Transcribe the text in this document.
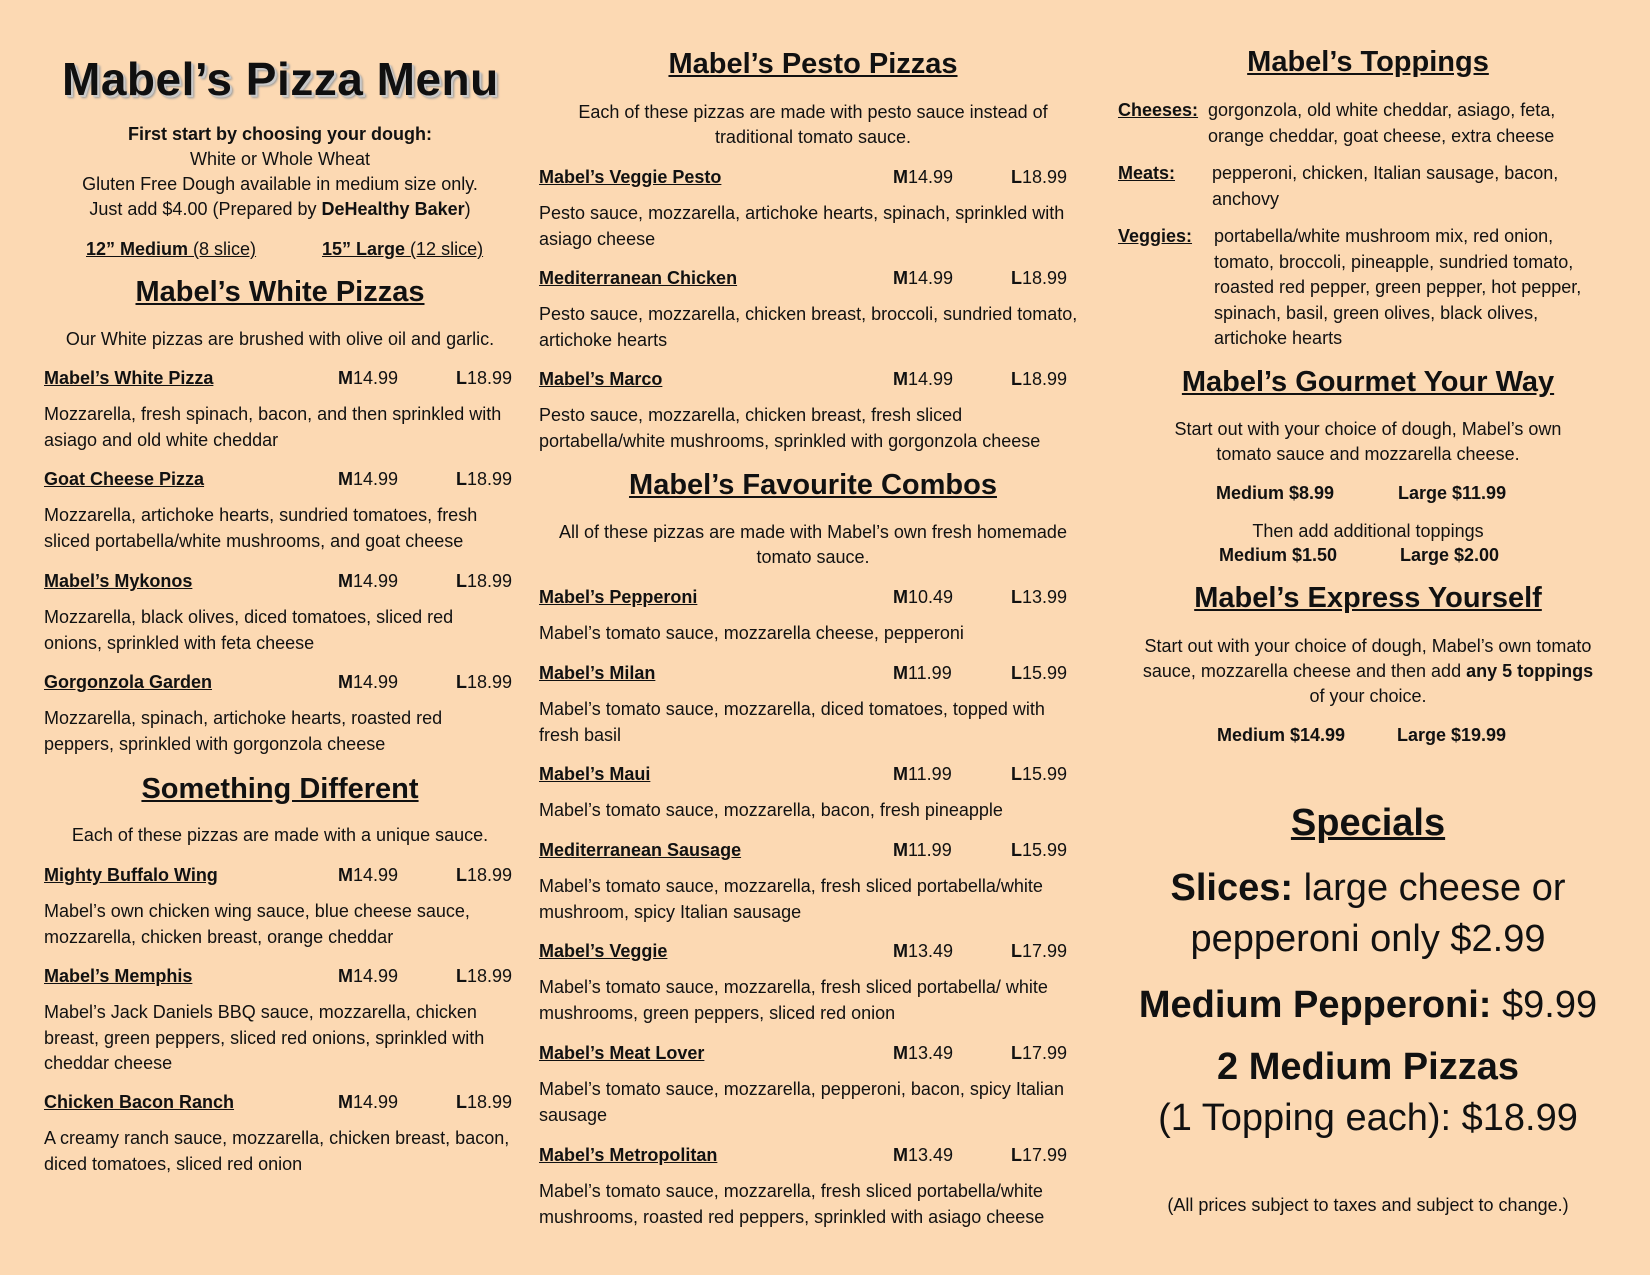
Mabel’s Pizza Menu
First start by choosing your dough:
White or Whole Wheat
Gluten Free Dough available in medium size only.
Just add $4.00 (Prepared by DeHealthy Baker)
12” Medium (8 slice)	15” Large (12 slice)
Mabel’s White Pizzas
Our White pizzas are brushed with olive oil and garlic.
Mabel’s White Pizza	M14.99	L18.99
Mozzarella, fresh spinach, bacon, and then sprinkled with asiago and old white cheddar
Goat Cheese Pizza	M14.99	L18.99
Mozzarella, artichoke hearts, sundried tomatoes, fresh sliced portabella/white mushrooms, and goat cheese
Mabel’s Mykonos	M14.99	L18.99
Mozzarella, black olives, diced tomatoes, sliced red onions, sprinkled with feta cheese
Gorgonzola Garden	M14.99	L18.99
Mozzarella, spinach, artichoke hearts, roasted red peppers, sprinkled with gorgonzola cheese
Something Different
Each of these pizzas are made with a unique sauce.
Mighty Buffalo Wing	M14.99	L18.99
Mabel’s own chicken wing sauce, blue cheese sauce, mozzarella, chicken breast, orange cheddar
Mabel’s Memphis	M14.99	L18.99
Mabel’s Jack Daniels BBQ sauce, mozzarella, chicken breast, green peppers, sliced red onions, sprinkled with cheddar cheese
Chicken Bacon Ranch	M14.99	L18.99
A creamy ranch sauce, mozzarella, chicken breast, bacon, diced tomatoes, sliced red onion
Mabel’s Pesto Pizzas
Each of these pizzas are made with pesto sauce instead of traditional tomato sauce.
Mabel’s Veggie Pesto	M14.99	L18.99
Pesto sauce, mozzarella, artichoke hearts, spinach, sprinkled with asiago cheese
Mediterranean Chicken	M14.99	L18.99
Pesto sauce, mozzarella, chicken breast, broccoli, sundried tomato, artichoke hearts
Mabel’s Marco	M14.99	L18.99
Pesto sauce, mozzarella, chicken breast, fresh sliced portabella/white mushrooms, sprinkled with gorgonzola cheese
Mabel’s Favourite Combos
All of these pizzas are made with Mabel’s own fresh homemade tomato sauce.
Mabel’s Pepperoni	M10.49	L13.99
Mabel’s tomato sauce, mozzarella cheese, pepperoni
Mabel’s Milan	M11.99	L15.99
Mabel’s tomato sauce, mozzarella, diced tomatoes, topped with fresh basil
Mabel’s Maui	M11.99	L15.99
Mabel’s tomato sauce, mozzarella, bacon, fresh pineapple
Mediterranean Sausage	M11.99	L15.99
Mabel’s tomato sauce, mozzarella, fresh sliced portabella/white mushroom, spicy Italian sausage
Mabel’s Veggie	M13.49	L17.99
Mabel’s tomato sauce, mozzarella, fresh sliced portabella/ white mushrooms, green peppers, sliced red onion
Mabel’s Meat Lover	M13.49	L17.99
Mabel’s tomato sauce, mozzarella, pepperoni, bacon, spicy Italian sausage
Mabel’s Metropolitan	M13.49	L17.99
Mabel’s tomato sauce, mozzarella, fresh sliced portabella/white mushrooms, roasted red peppers, sprinkled with asiago cheese
Mabel’s Toppings
Cheeses: gorgonzola, old white cheddar, asiago, feta, orange cheddar, goat cheese, extra cheese
Meats: pepperoni, chicken, Italian sausage, bacon, anchovy
Veggies: portabella/white mushroom mix, red onion, tomato, broccoli, pineapple, sundried tomato, roasted red pepper, green pepper, hot pepper, spinach, basil, green olives, black olives, artichoke hearts
Mabel’s Gourmet Your Way
Start out with your choice of dough, Mabel’s own tomato sauce and mozzarella cheese.
Medium $8.99	Large $11.99
Then add additional toppings
Medium $1.50	Large $2.00
Mabel’s Express Yourself
Start out with your choice of dough, Mabel’s own tomato sauce, mozzarella cheese and then add any 5 toppings of your choice.
Medium $14.99	Large $19.99
Specials
Slices: large cheese or pepperoni only $2.99
Medium Pepperoni: $9.99
2 Medium Pizzas
(1 Topping each): $18.99
(All prices subject to taxes and subject to change.)
